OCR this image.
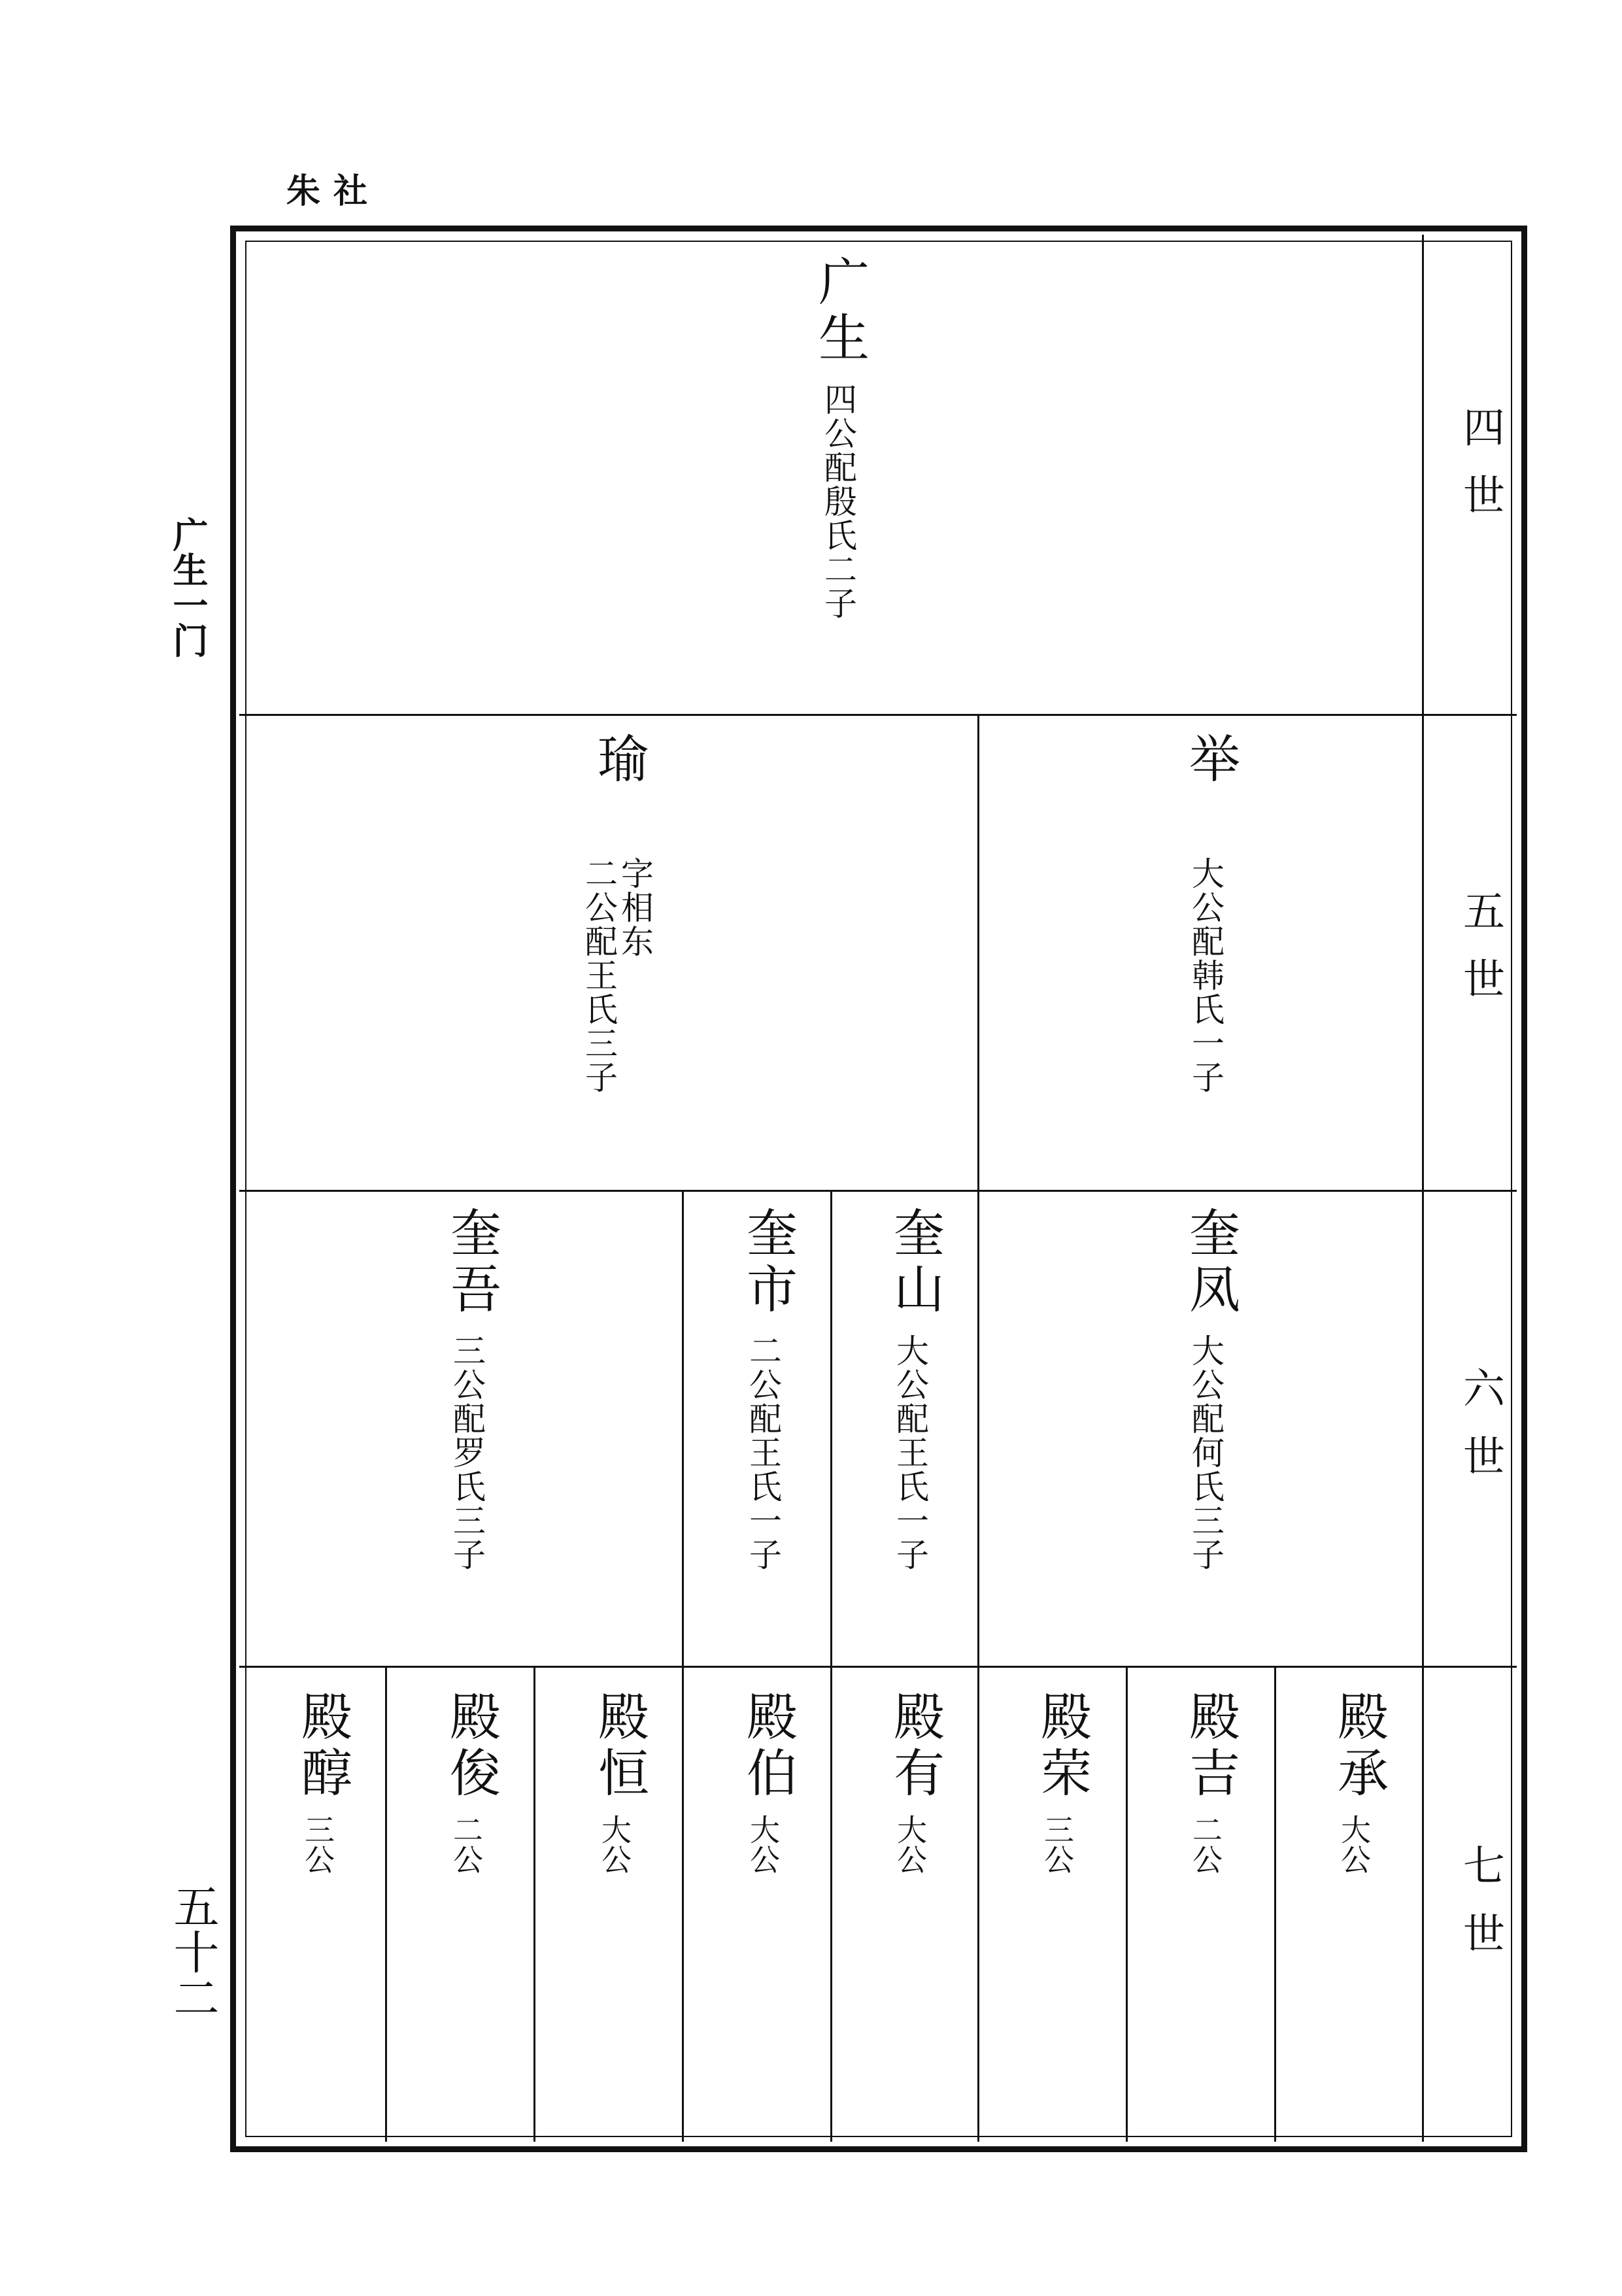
朱社
广生一门
五十二
四世
五世
六世
七世
广生
四公配殷氏二子
举
大公配韩氏一子
瑜
字相东
二公配王氏三子
奎凤
大公配何氏三子
奎山
大公配王氏一子
奎市
二公配王氏一子
奎吾
三公配罗氏三子
殿承
大公
殿吉
二公
殿荣
三公
殿有
大公
殿伯
大公
殿恒
大公
殿俊
二公
殿醇
三公
